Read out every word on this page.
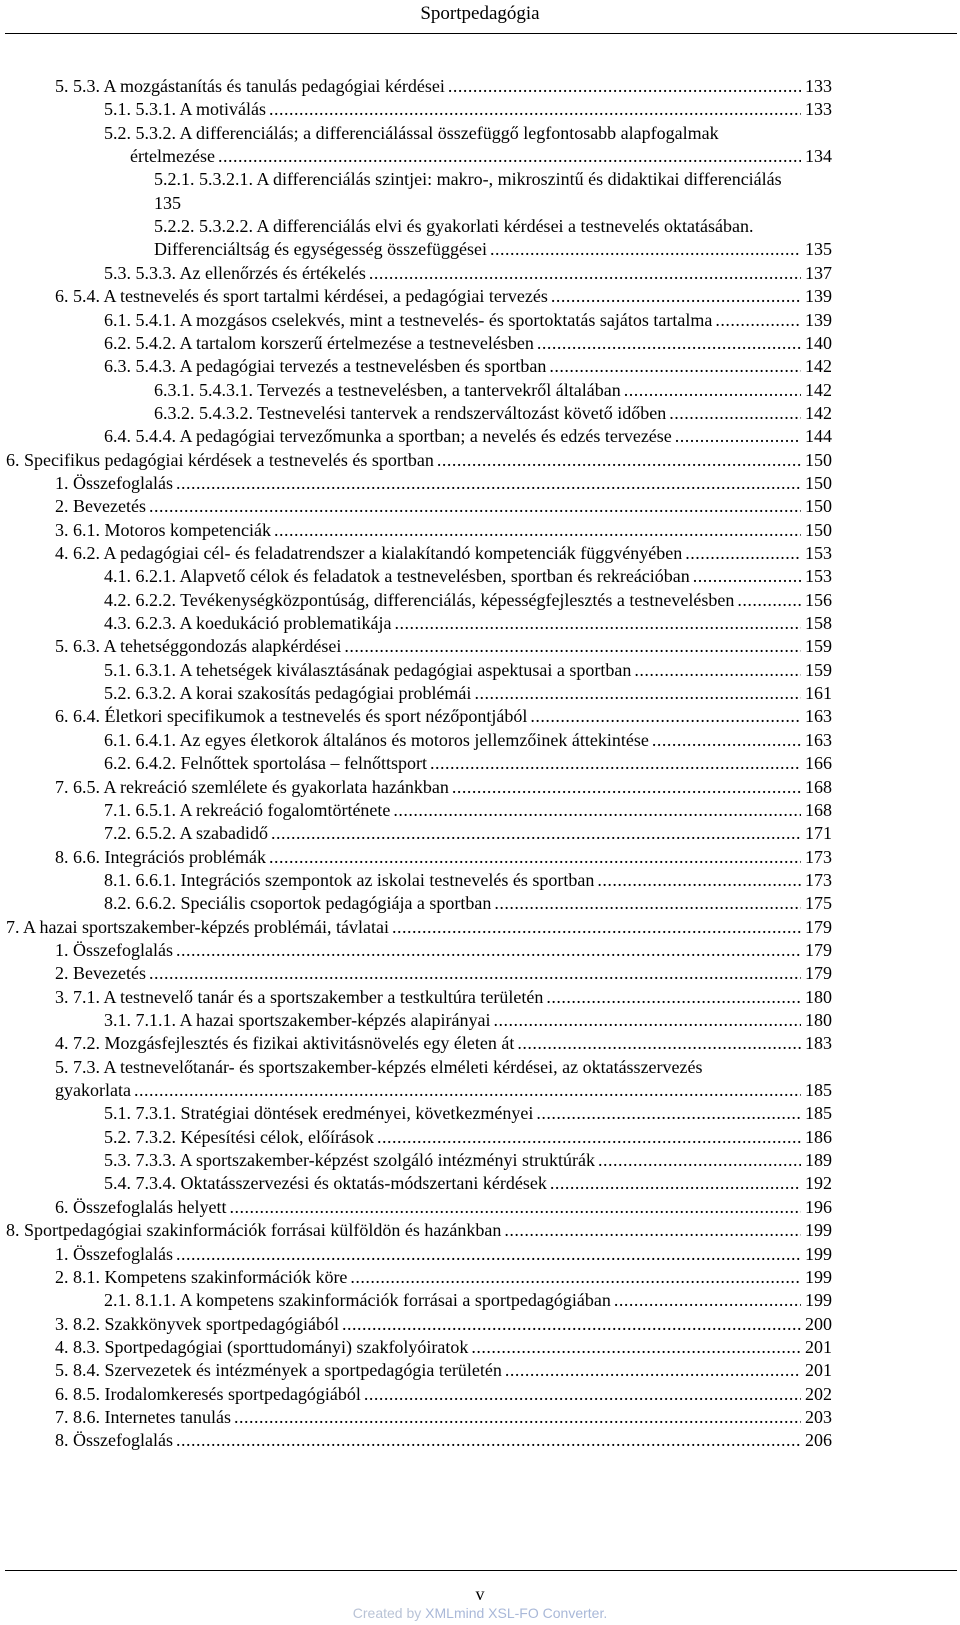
Sportpedagógia
5. 5.3. A mozgástanítás és tanulás pedagógiai kérdései .....	133
5.1. 5.3.1. A motiválás .....	133
5.2. 5.3.2. A differenciálás; a differenciálással összefüggő legfontosabb alapfogalmak
értelmezése .....	134
5.2.1. 5.3.2.1. A differenciálás szintjei: makro-, mikroszintű és didaktikai differenciálás
135
5.2.2. 5.3.2.2. A differenciálás elvi és gyakorlati kérdései a testnevelés oktatásában.
Differenciáltság és egységesség összefüggései .....	135
5.3. 5.3.3. Az ellenőrzés és értékelés .....	137
6. 5.4. A testnevelés és sport tartalmi kérdései, a pedagógiai tervezés .....	139
6.1. 5.4.1. A mozgásos cselekvés, mint a testnevelés- és sportoktatás sajátos tartalma .....	139
6.2. 5.4.2. A tartalom korszerű értelmezése a testnevelésben .....	140
6.3. 5.4.3. A pedagógiai tervezés a testnevelésben és sportban .....	142
6.3.1. 5.4.3.1. Tervezés a testnevelésben, a tantervekről általában .....	142
6.3.2. 5.4.3.2. Testnevelési tantervek a rendszerváltozást követő időben .....	142
6.4. 5.4.4. A pedagógiai tervezőmunka a sportban; a nevelés és edzés tervezése .....	144
6. Specifikus pedagógiai kérdések a testnevelés és sportban .....	150
1. Összefoglalás .....	150
2. Bevezetés .....	150
3. 6.1. Motoros kompetenciák .....	150
4. 6.2. A pedagógiai cél- és feladatrendszer a kialakítandó kompetenciák függvényében .....	153
4.1. 6.2.1. Alapvető célok és feladatok a testnevelésben, sportban és rekreációban .....	153
4.2. 6.2.2. Tevékenységközpontúság, differenciálás, képességfejlesztés a testnevelésben .....	156
4.3. 6.2.3. A koedukáció problematikája .....	158
5. 6.3. A tehetséggondozás alapkérdései .....	159
5.1. 6.3.1. A tehetségek kiválasztásának pedagógiai aspektusai a sportban .....	159
5.2. 6.3.2. A korai szakosítás pedagógiai problémái .....	161
6. 6.4. Életkori specifikumok a testnevelés és sport nézőpontjából .....	163
6.1. 6.4.1. Az egyes életkorok általános és motoros jellemzőinek áttekintése .....	163
6.2. 6.4.2. Felnőttek sportolása – felnőttsport .....	166
7. 6.5. A rekreáció szemlélete és gyakorlata hazánkban .....	168
7.1. 6.5.1. A rekreáció fogalomtörténete .....	168
7.2. 6.5.2. A szabadidő .....	171
8. 6.6. Integrációs problémák .....	173
8.1. 6.6.1. Integrációs szempontok az iskolai testnevelés és sportban .....	173
8.2. 6.6.2. Speciális csoportok pedagógiája a sportban .....	175
7. A hazai sportszakember-képzés problémái, távlatai .....	179
1. Összefoglalás .....	179
2. Bevezetés .....	179
3. 7.1. A testnevelő tanár és a sportszakember a testkultúra területén .....	180
3.1. 7.1.1. A hazai sportszakember-képzés alapirányai .....	180
4. 7.2. Mozgásfejlesztés és fizikai aktivitásnövelés egy életen át .....	183
5. 7.3. A testnevelőtanár- és sportszakember-képzés elméleti kérdései, az oktatásszervezés
gyakorlata .....	185
5.1. 7.3.1. Stratégiai döntések eredményei, következményei .....	185
5.2. 7.3.2. Képesítési célok, előírások .....	186
5.3. 7.3.3. A sportszakember-képzést szolgáló intézményi struktúrák .....	189
5.4. 7.3.4. Oktatásszervezési és oktatás-módszertani kérdések .....	192
6. Összefoglalás helyett .....	196
8. Sportpedagógiai szakinformációk forrásai külföldön és hazánkban .....	199
1. Összefoglalás .....	199
2. 8.1. Kompetens szakinformációk köre .....	199
2.1. 8.1.1. A kompetens szakinformációk forrásai a sportpedagógiában .....	199
3. 8.2. Szakkönyvek sportpedagógiából .....	200
4. 8.3. Sportpedagógiai (sporttudományi) szakfolyóiratok .....	201
5. 8.4. Szervezetek és intézmények a sportpedagógia területén .....	201
6. 8.5. Irodalomkeresés sportpedagógiából .....	202
7. 8.6. Internetes tanulás .....	203
8. Összefoglalás .....	206
v
Created by XMLmind XSL-FO Converter.
